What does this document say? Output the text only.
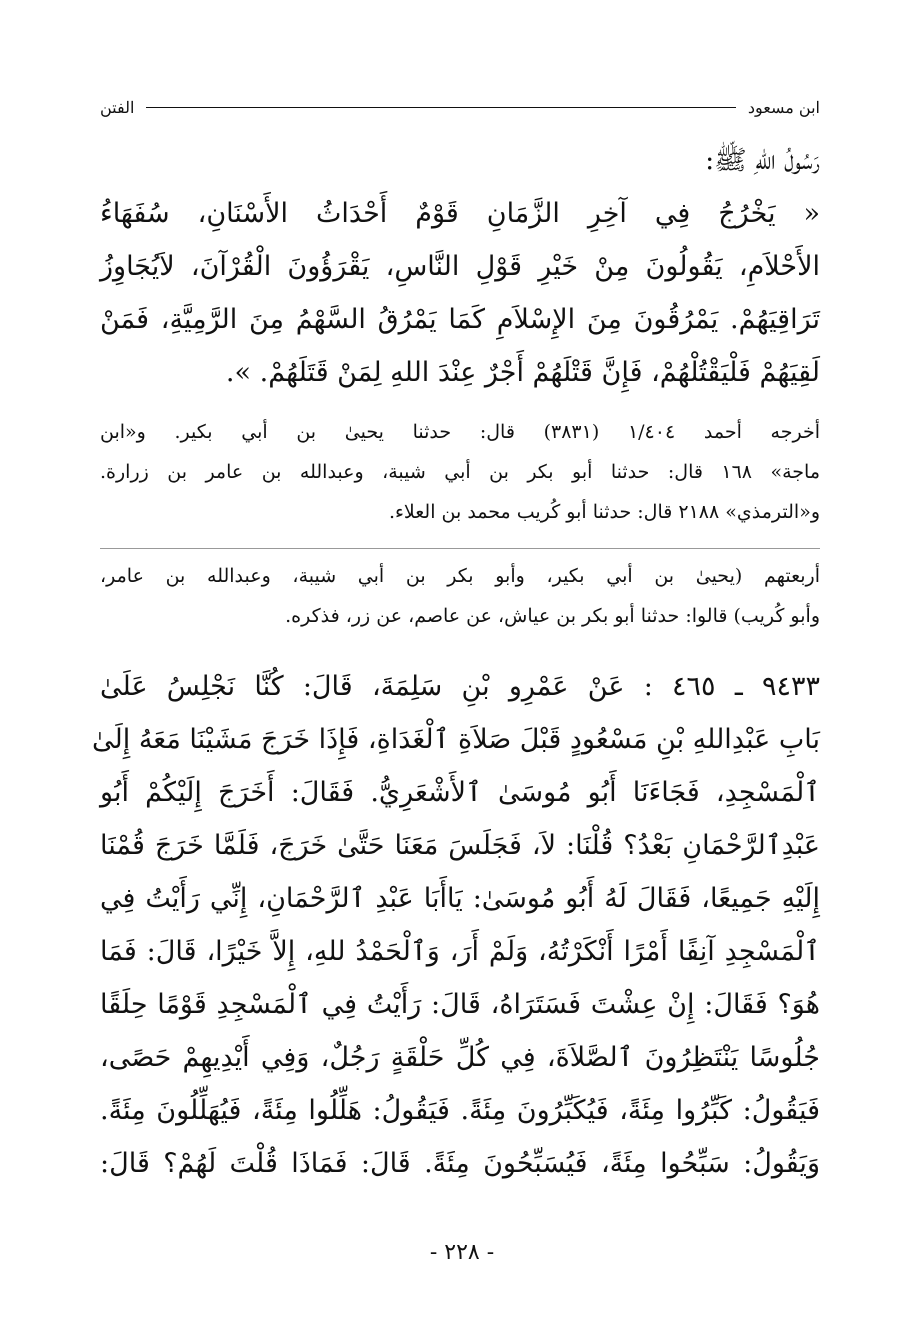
الفتن	ابن مسعود
رَسُولُ اللهِ ﷺ:
« يَخْرُجُ فِي آخِرِ الزَّمَانِ قَوْمٌ أَحْدَاثُ الأَسْنَانِ، سُفَهَاءُ
الأَحْلاَمِ، يَقُولُونَ مِنْ خَيْرِ قَوْلِ النَّاسِ، يَقْرَؤُونَ الْقُرْآنَ، لاَيُجَاوِزُ
تَرَاقِيَهُمْ. يَمْرُقُونَ مِنَ الإِسْلاَمِ كَمَا يَمْرُقُ السَّهْمُ مِنَ الرَّمِيَّةِ، فَمَنْ
لَقِيَهُمْ فَلْيَقْتُلْهُمْ، فَإِنَّ قَتْلَهُمْ أَجْرٌ عِنْدَ اللهِ لِمَنْ قَتَلَهُمْ. ».
أخرجه أحمد ١/٤٠٤ (٣٨٣١) قال: حدثنا يحيىٰ بن أبي بكير. و«ابن
ماجة» ١٦٨ قال: حدثنا أبو بكر بن أبي شيبة، وعبدالله بن عامر بن زرارة.
و«الترمذي» ٢١٨٨ قال: حدثنا أبو كُريب محمد بن العلاء.
أربعتهم (يحيىٰ بن أبي بكير، وأبو بكر بن أبي شيبة، وعبدالله بن عامر،
وأبو كُريب) قالوا: حدثنا أبو بكر بن عياش، عن عاصم، عن زر، فذكره.
٩٤٣٣ ـ ٤٦٥ : عَنْ عَمْرِو بْنِ سَلِمَةَ، قَالَ: كُنَّا نَجْلِسُ عَلَىٰ
بَابِ عَبْدِاللهِ بْنِ مَسْعُودٍ قَبْلَ صَلاَةِ ٱلْغَدَاةِ، فَإِذَا خَرَجَ مَشَيْنَا مَعَهُ إِلَىٰ
ٱلْمَسْجِدِ، فَجَاءَنَا أَبُو مُوسَىٰ ٱلأَشْعَرِيُّ. فَقَالَ: أَخَرَجَ إِلَيْكُمْ أَبُو
عَبْدِٱلرَّحْمَانِ بَعْدُ؟ قُلْنَا: لاَ، فَجَلَسَ مَعَنَا حَتَّىٰ خَرَجَ، فَلَمَّا خَرَجَ قُمْنَا
إِلَيْهِ جَمِيعًا، فَقَالَ لَهُ أَبُو مُوسَىٰ: يَاأَبَا عَبْدِ ٱلرَّحْمَانِ، إِنِّي رَأَيْتُ فِي
ٱلْمَسْجِدِ آنِفًا أَمْرًا أَنْكَرْتُهُ، وَلَمْ أَرَ، وَٱلْحَمْدُ للهِ، إِلاَّ خَيْرًا، قَالَ: فَمَا
هُوَ؟ فَقَالَ: إِنْ عِشْتَ فَسَتَرَاهُ، قَالَ: رَأَيْتُ فِي ٱلْمَسْجِدِ قَوْمًا حِلَقًا
جُلُوسًا يَنْتَظِرُونَ ٱلصَّلاَةَ، فِي كُلِّ حَلْقَةٍ رَجُلٌ، وَفِي أَيْدِيهِمْ حَصًى،
فَيَقُولُ: كَبِّرُوا مِئَةً، فَيُكَبِّرُونَ مِئَةً. فَيَقُولُ: هَلِّلُوا مِئَةً، فَيُهَلِّلُونَ مِئَةً.
وَيَقُولُ: سَبِّحُوا مِئَةً، فَيُسَبِّحُونَ مِئَةً. قَالَ: فَمَاذَا قُلْتَ لَهُمْ؟ قَالَ:
- ٢٢٨ -
